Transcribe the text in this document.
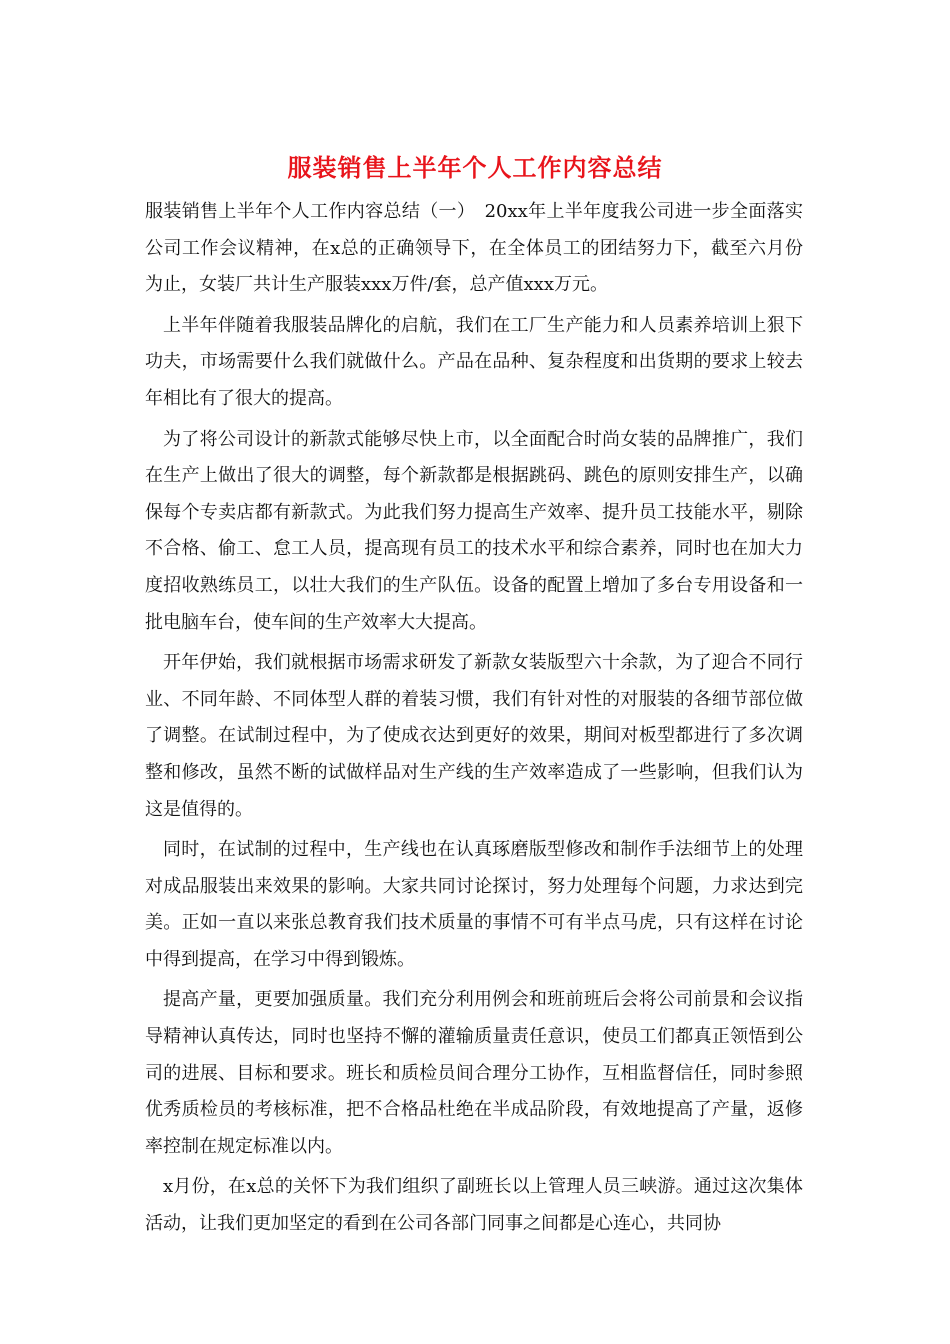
服装销售上半年个人工作内容总结

服装销售上半年个人工作内容总结（一）　20xx年上半年度我公司进一步全面落实公司工作会议精神，在x总的正确领导下，在全体员工的团结努力下，截至六月份为止，女装厂共计生产服装xxx万件/套，总产值xxx万元。

上半年伴随着我服装品牌化的启航，我们在工厂生产能力和人员素养培训上狠下功夫，市场需要什么我们就做什么。产品在品种、复杂程度和出货期的要求上较去年相比有了很大的提高。

为了将公司设计的新款式能够尽快上市，以全面配合时尚女装的品牌推广，我们在生产上做出了很大的调整，每个新款都是根据跳码、跳色的原则安排生产，以确保每个专卖店都有新款式。为此我们努力提高生产效率、提升员工技能水平，剔除不合格、偷工、怠工人员，提高现有员工的技术水平和综合素养，同时也在加大力度招收熟练员工，以壮大我们的生产队伍。设备的配置上增加了多台专用设备和一批电脑车台，使车间的生产效率大大提高。

开年伊始，我们就根据市场需求研发了新款女装版型六十余款，为了迎合不同行业、不同年龄、不同体型人群的着装习惯，我们有针对性的对服装的各细节部位做了调整。在试制过程中，为了使成衣达到更好的效果，期间对板型都进行了多次调整和修改，虽然不断的试做样品对生产线的生产效率造成了一些影响，但我们认为这是值得的。

同时，在试制的过程中，生产线也在认真琢磨版型修改和制作手法细节上的处理对成品服装出来效果的影响。大家共同讨论探讨，努力处理每个问题，力求达到完美。正如一直以来张总教育我们技术质量的事情不可有半点马虎，只有这样在讨论中得到提高，在学习中得到锻炼。

提高产量，更要加强质量。我们充分利用例会和班前班后会将公司前景和会议指导精神认真传达，同时也坚持不懈的灌输质量责任意识，使员工们都真正领悟到公司的进展、目标和要求。班长和质检员间合理分工协作，互相监督信任，同时参照优秀质检员的考核标准，把不合格品杜绝在半成品阶段，有效地提高了产量，返修率控制在规定标准以内。

x月份，在x总的关怀下为我们组织了副班长以上管理人员三峡游。通过这次集体活动，让我们更加坚定的看到在公司各部门同事之间都是心连心，共同协
